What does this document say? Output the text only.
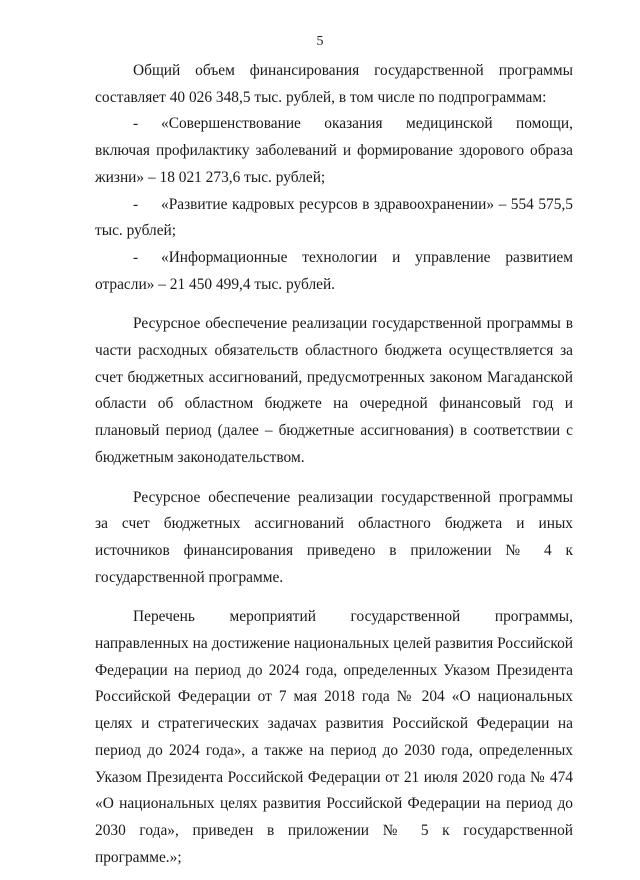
5

Общий объем финансирования государственной программы составляет 40 026 348,5 тыс. рублей, в том числе по подпрограммам:

- «Совершенствование оказания медицинской помощи, включая профилактику заболеваний и формирование здорового образа жизни» – 18 021 273,6 тыс. рублей;

- «Развитие кадровых ресурсов в здравоохранении» – 554 575,5 тыс. рублей;

- «Информационные технологии и управление развитием отрасли» – 21 450 499,4 тыс. рублей.

Ресурсное обеспечение реализации государственной программы в части расходных обязательств областного бюджета осуществляется за счет бюджетных ассигнований, предусмотренных законом Магаданской области об областном бюджете на очередной финансовый год и плановый период (далее – бюджетные ассигнования) в соответствии с бюджетным законодательством.

Ресурсное обеспечение реализации государственной программы за счет бюджетных ассигнований областного бюджета и иных источников финансирования приведено в приложении № 4 к государственной программе.

Перечень мероприятий государственной программы, направленных на достижение национальных целей развития Российской Федерации на период до 2024 года, определенных Указом Президента Российской Федерации от 7 мая 2018 года № 204 «О национальных целях и стратегических задачах развития Российской Федерации на период до 2024 года», а также на период до 2030 года, определенных Указом Президента Российской Федерации от 21 июля 2020 года № 474 «О национальных целях развития Российской Федерации на период до 2030 года», приведен в приложении № 5 к государственной программе.»;
